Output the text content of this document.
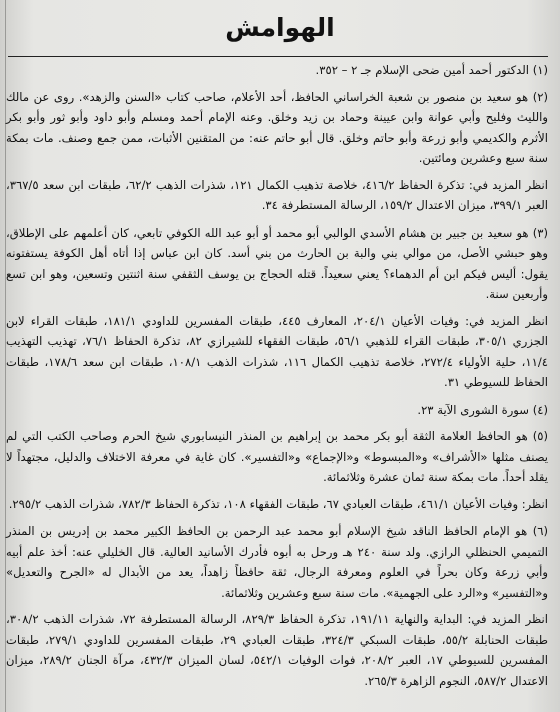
الهوامش

(١) الدكتور أحمد أمين ضحى الإسلام جـ ٢ – ٣٥٢.

(٢) هو سعيد بن منصور بن شعبة الخراساني الحافظ، أحد الأعلام، صاحب كتاب «السنن والزهد». روى عن مالك والليث وفليح وأبي عوانة وابن عيينة وحماد بن زيد وخلق. وعنه الإمام أحمد ومسلم وأبو داود وأبو ثور وأبو بكر الأثرم والكديمي وأبو زرعة وأبو حاتم وخلق. قال أبو حاتم عنه: من المتقنين الأثبات، ممن جمع وصنف. مات بمكة سنة سبع وعشرين ومائتين.

انظر المزيد في: تذكرة الحفاظ ٤١٦/٢، خلاصة تذهيب الكمال ١٢١، شذرات الذهب ٦٢/٢، طبقات ابن سعد ٣٦٧/٥، العبر ٣٩٩/١، ميزان الاعتدال ١٥٩/٢، الرسالة المستطرفة ٣٤.

(٣) هو سعيد بن جبير بن هشام الأسدي الوالبي أبو محمد أو أبو عبد الله الكوفي تابعي، كان أعلمهم على الإطلاق، وهو حبشي الأصل، من موالي بني والبة بن الحارث من بني أسد. كان ابن عباس إذا أتاه أهل الكوفة يستفتونه يقول: أليس فيكم ابن أم الدهماء؟ يعني سعيداً. قتله الحجاج بن يوسف الثقفي سنة اثنتين وتسعين، وهو ابن تسع وأربعين سنة.

انظر المزيد في: وفيات الأعيان ٢٠٤/١، المعارف ٤٤٥، طبقات المفسرين للداودي ١٨١/١، طبقات القراء لابن الجزري ٣٠٥/١، طبقات القراء للذهبي ٥٦/١، طبقات الفقهاء للشيرازي ٨٢، تذكرة الحفاظ ٧٦/١، تهذيب التهذيب ١١/٤، حلية الأولياء ٢٧٢/٤، خلاصة تذهيب الكمال ١١٦، شذرات الذهب ١٠٨/١، طبقات ابن سعد ١٧٨/٦، طبقات الحفاظ للسيوطي ٣١.

(٤) سورة الشورى الآية ٢٣.

(٥) هو الحافظ العلامة الثقة أبو بكر محمد بن إبراهيم بن المنذر النيسابوري شيخ الحرم وصاحب الكتب التي لم يصنف مثلها «الأشراف» و«المبسوط» و«الإجماع» و«التفسير». كان غاية في معرفة الاختلاف والدليل، مجتهداً لا يقلد أحداً. مات بمكة سنة ثمان عشرة وثلاثمائة.

انظر: وفيات الأعيان ٤٦١/١، طبقات العبادي ٦٧، طبقات الفقهاء ١٠٨، تذكرة الحفاظ ٧٨٢/٣، شذرات الذهب ٢٩٥/٢.

(٦) هو الإمام الحافظ الناقد شيخ الإسلام أبو محمد عبد الرحمن بن الحافظ الكبير محمد بن إدريس بن المنذر التميمي الحنظلي الرازي. ولد سنة ٢٤٠ هـ ورحل به أبوه فأدرك الأسانيد العالية. قال الخليلي عنه: أخذ علم أبيه وأبي زرعة وكان بحراً في العلوم ومعرفة الرجال، ثقة حافظاً زاهداً، يعد من الأبدال له «الجرح والتعديل» و«التفسير» و«الرد على الجهمية». مات سنة سبع وعشرين وثلاثمائة.

انظر المزيد في: البداية والنهاية ١٩١/١١، تذكرة الحفاظ ٨٢٩/٣، الرسالة المستطرفة ٧٢، شذرات الذهب ٣٠٨/٢، طبقات الحنابلة ٥٥/٢، طبقات السبكي ٣٢٤/٣، طبقات العبادي ٢٩، طبقات المفسرين للداودي ٢٧٩/١، طبقات المفسرين للسيوطي ١٧، العبر ٢٠٨/٢، فوات الوفيات ٥٤٢/١، لسان الميزان ٤٣٢/٣، مرآة الجنان ٢٨٩/٢، ميزان الاعتدال ٥٨٧/٢، النجوم الزاهرة ٢٦٥/٣.
